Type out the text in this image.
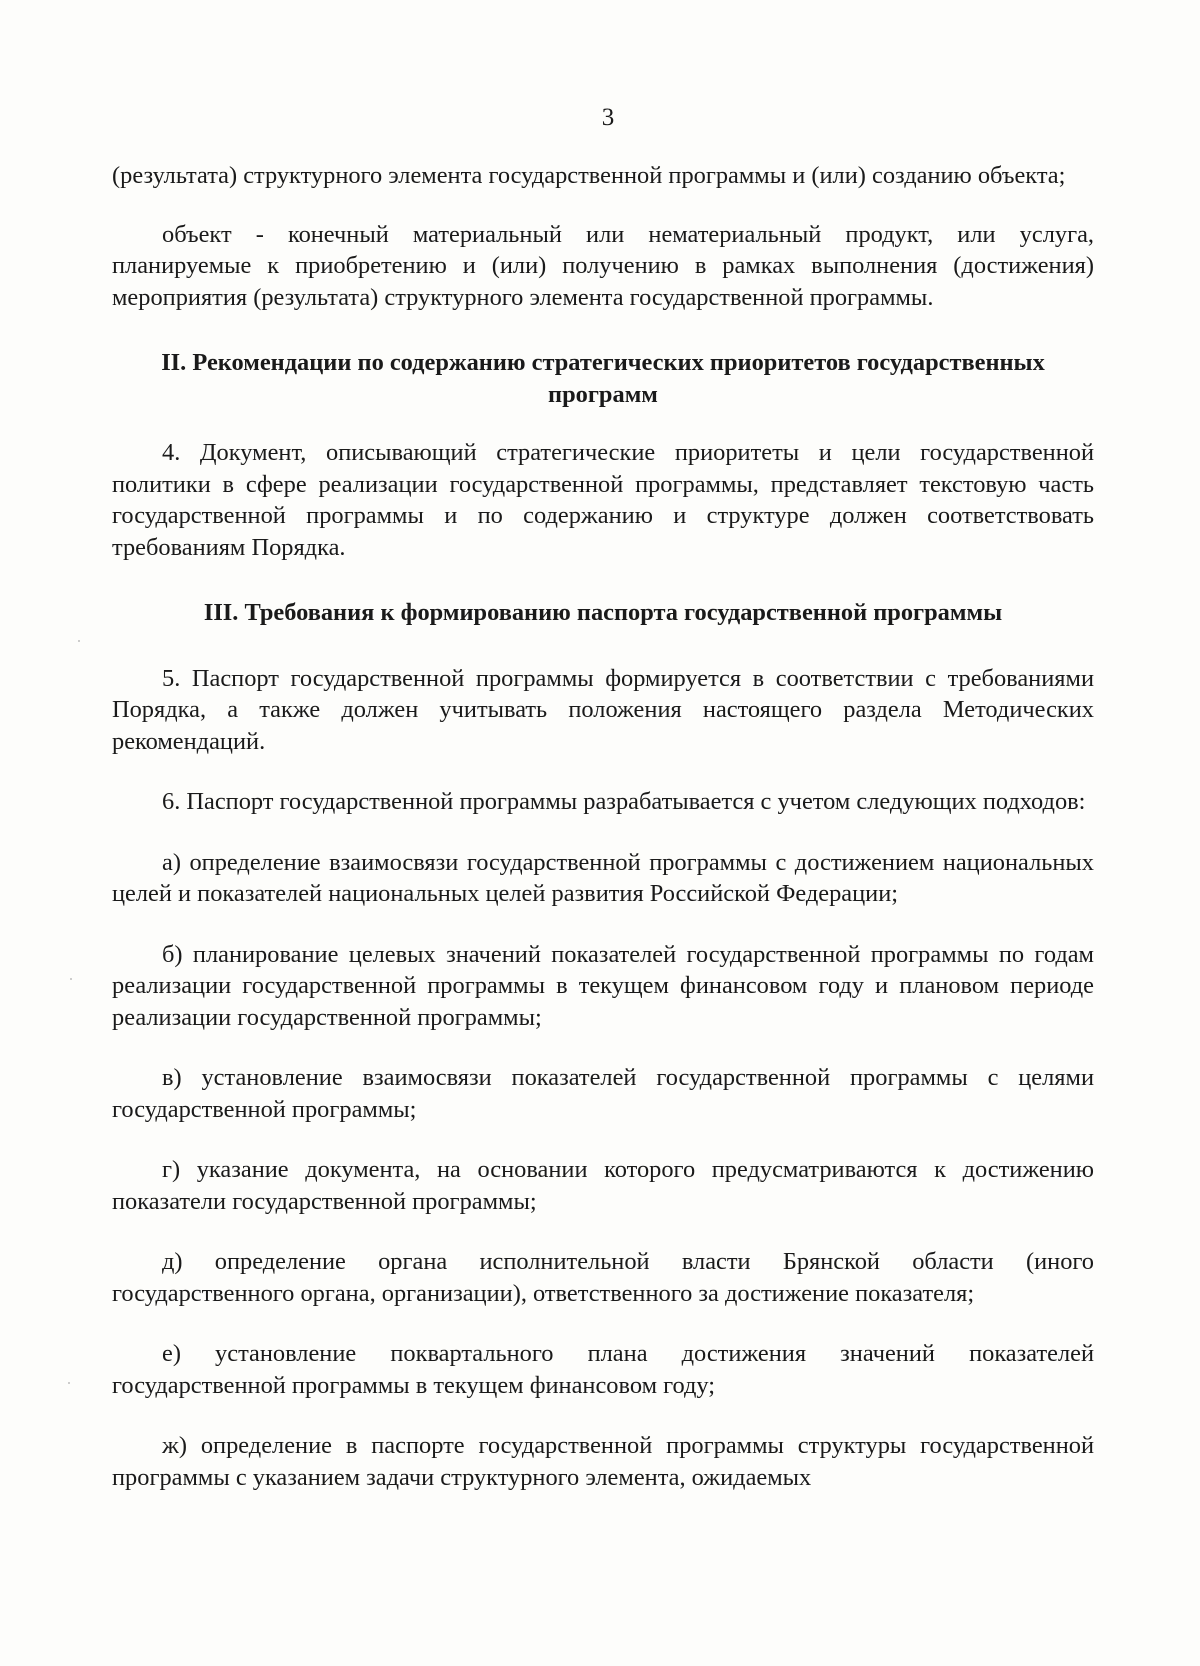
3

(результата) структурного элемента государственной программы и (или) созданию объекта;

объект - конечный материальный или нематериальный продукт, или услуга, планируемые к приобретению и (или) получению в рамках выполнения (достижения) мероприятия (результата) структурного элемента государственной программы.

II. Рекомендации по содержанию стратегических приоритетов государственных программ

4. Документ, описывающий стратегические приоритеты и цели государственной политики в сфере реализации государственной программы, представляет текстовую часть государственной программы и по содержанию и структуре должен соответствовать требованиям Порядка.

III. Требования к формированию паспорта государственной программы

5. Паспорт государственной программы формируется в соответствии с требованиями Порядка, а также должен учитывать положения настоящего раздела Методических рекомендаций.

6. Паспорт государственной программы разрабатывается с учетом следующих подходов:

а) определение взаимосвязи государственной программы с достижением национальных целей и показателей национальных целей развития Российской Федерации;

б) планирование целевых значений показателей государственной программы по годам реализации государственной программы в текущем финансовом году и плановом периоде реализации государственной программы;

в) установление взаимосвязи показателей государственной программы с целями государственной программы;

г) указание документа, на основании которого предусматриваются к достижению показатели государственной программы;

д) определение органа исполнительной власти Брянской области (иного государственного органа, организации), ответственного за достижение показателя;

е) установление поквартального плана достижения значений показателей государственной программы в текущем финансовом году;

ж) определение в паспорте государственной программы структуры государственной программы с указанием задачи структурного элемента, ожидаемых
